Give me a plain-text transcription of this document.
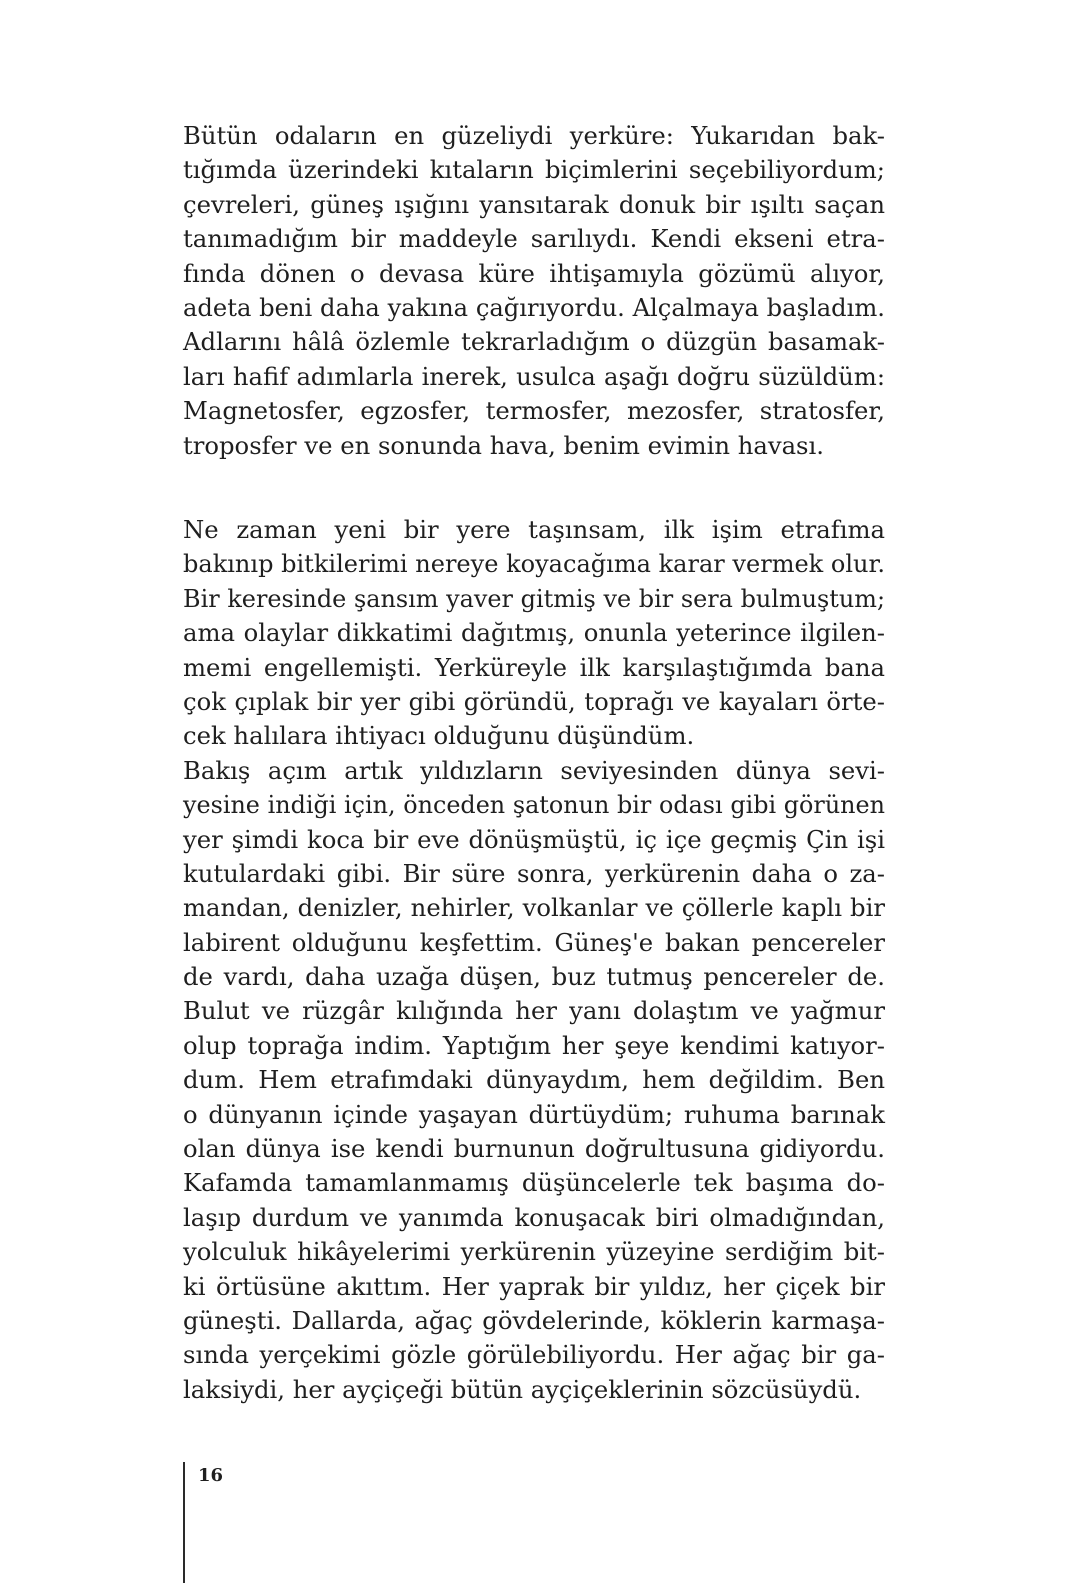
Bütün odaların en güzeliydi yerküre: Yukarıdan bak-
tığımda üzerindeki kıtaların biçimlerini seçebiliyordum;
çevreleri, güneş ışığını yansıtarak donuk bir ışıltı saçan
tanımadığım bir maddeyle sarılıydı. Kendi ekseni etra-
fında dönen o devasa küre ihtişamıyla gözümü alıyor,
adeta beni daha yakına çağırıyordu. Alçalmaya başladım.
Adlarını hâlâ özlemle tekrarladığım o düzgün basamak-
ları hafif adımlarla inerek, usulca aşağı doğru süzüldüm:
Magnetosfer, egzosfer, termosfer, mezosfer, stratosfer,
troposfer ve en sonunda hava, benim evimin havası.
Ne zaman yeni bir yere taşınsam, ilk işim etrafıma
bakınıp bitkilerimi nereye koyacağıma karar vermek olur.
Bir keresinde şansım yaver gitmiş ve bir sera bulmuştum;
ama olaylar dikkatimi dağıtmış, onunla yeterince ilgilen-
memi engellemişti. Yerküreyle ilk karşılaştığımda bana
çok çıplak bir yer gibi göründü, toprağı ve kayaları örte-
cek halılara ihtiyacı olduğunu düşündüm.
Bakış açım artık yıldızların seviyesinden dünya sevi-
yesine indiği için, önceden şatonun bir odası gibi görünen
yer şimdi koca bir eve dönüşmüştü, iç içe geçmiş Çin işi
kutulardaki gibi. Bir süre sonra, yerkürenin daha o za-
mandan, denizler, nehirler, volkanlar ve çöllerle kaplı bir
labirent olduğunu keşfettim. Güneş'e bakan pencereler
de vardı, daha uzağa düşen, buz tutmuş pencereler de.
Bulut ve rüzgâr kılığında her yanı dolaştım ve yağmur
olup toprağa indim. Yaptığım her şeye kendimi katıyor-
dum. Hem etrafımdaki dünyaydım, hem değildim. Ben
o dünyanın içinde yaşayan dürtüydüm; ruhuma barınak
olan dünya ise kendi burnunun doğrultusuna gidiyordu.
Kafamda tamamlanmamış düşüncelerle tek başıma do-
laşıp durdum ve yanımda konuşacak biri olmadığından,
yolculuk hikâyelerimi yerkürenin yüzeyine serdiğim bit-
ki örtüsüne akıttım. Her yaprak bir yıldız, her çiçek bir
güneşti. Dallarda, ağaç gövdelerinde, köklerin karmaşa-
sında yerçekimi gözle görülebiliyordu. Her ağaç bir ga-
laksiydi, her ayçiçeği bütün ayçiçeklerinin sözcüsüydü.
16
